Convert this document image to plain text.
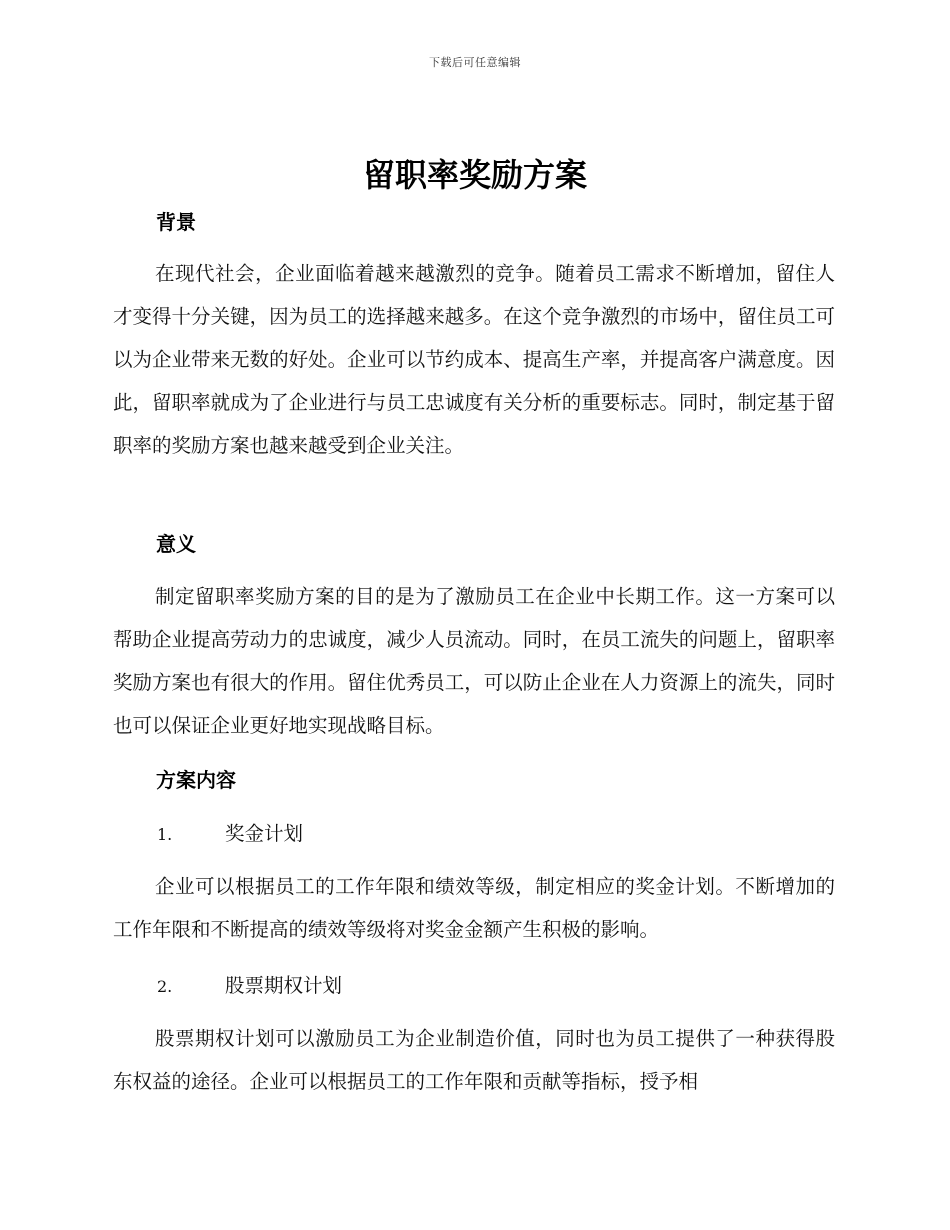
下载后可任意编辑
留职率奖励方案
背景

在现代社会，企业面临着越来越激烈的竞争。随着员工需求不断增加，留住人才变得十分关键，因为员工的选择越来越多。在这个竞争激烈的市场中，留住员工可以为企业带来无数的好处。企业可以节约成本、提高生产率，并提高客户满意度。因此，留职率就成为了企业进行与员工忠诚度有关分析的重要标志。同时，制定基于留职率的奖励方案也越来越受到企业关注。

意义

制定留职率奖励方案的目的是为了激励员工在企业中长期工作。这一方案可以帮助企业提高劳动力的忠诚度，减少人员流动。同时，在员工流失的问题上，留职率奖励方案也有很大的作用。留住优秀员工，可以防止企业在人力资源上的流失，同时也可以保证企业更好地实现战略目标。

方案内容
1.	奖金计划

企业可以根据员工的工作年限和绩效等级，制定相应的奖金计划。不断增加的工作年限和不断提高的绩效等级将对奖金金额产生积极的影响。

2.	股票期权计划

股票期权计划可以激励员工为企业制造价值，同时也为员工提供了一种获得股东权益的途径。企业可以根据员工的工作年限和贡献等指标，授予相
